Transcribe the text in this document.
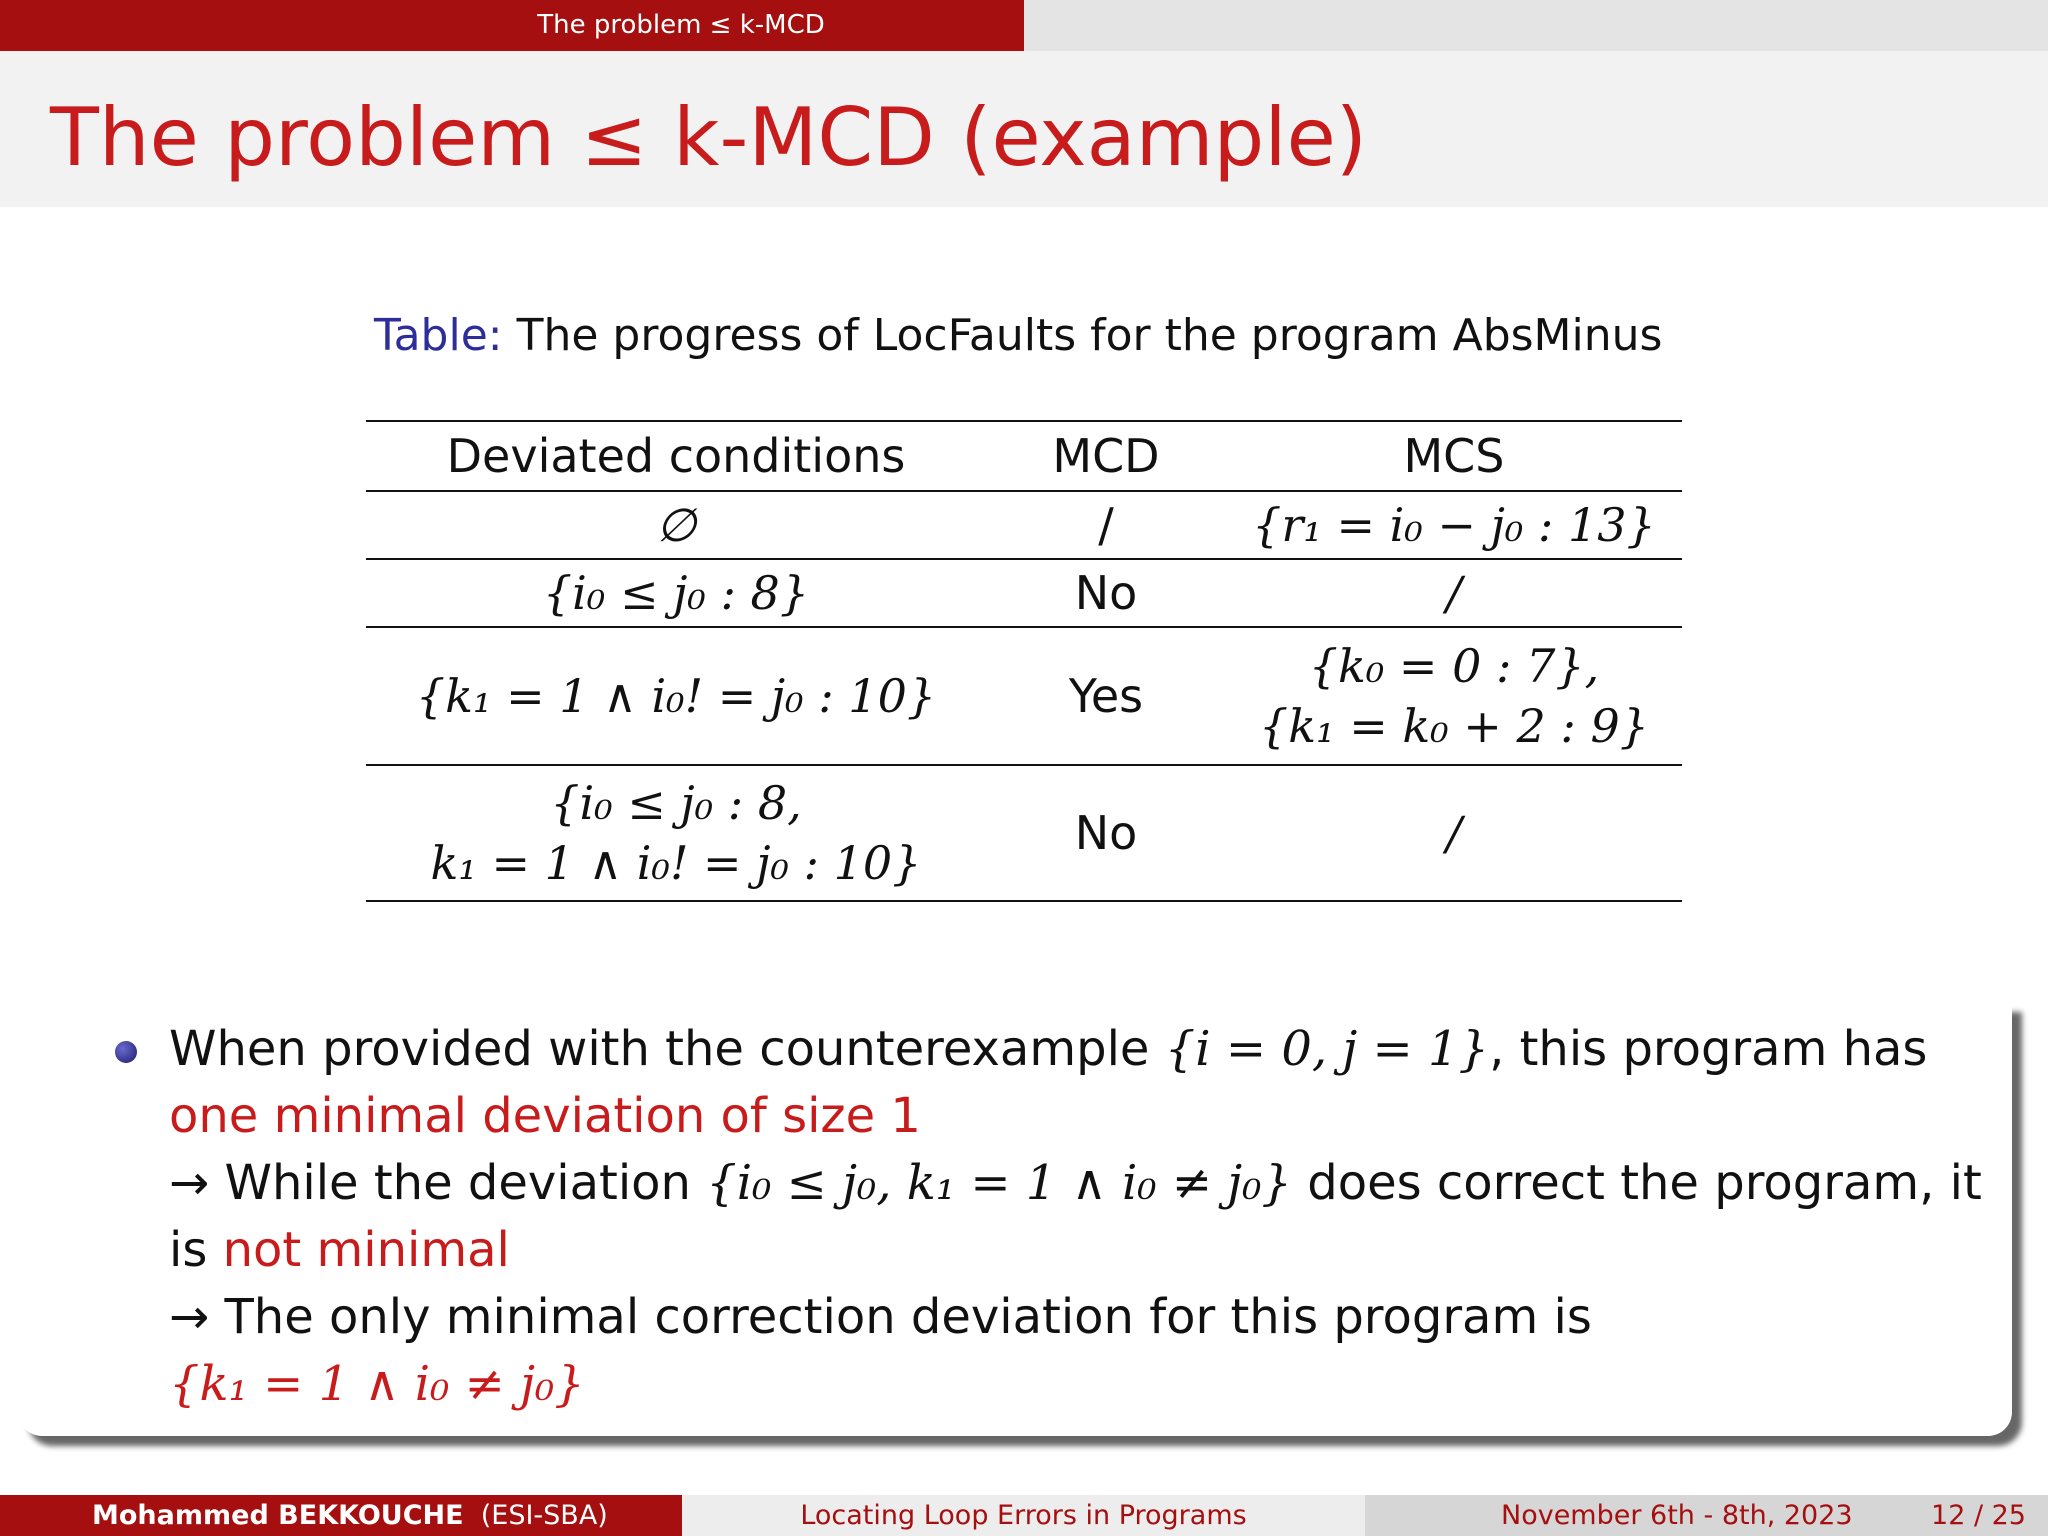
The problem ≤ k-MCD
The problem ≤ k-MCD (example)
Table: The progress of LocFaults for the program AbsMinus
Deviated conditions	MCD	MCS

∅	/	{r₁ = i₀ − j₀ : 13}

{i₀ ≤ j₀ : 8}	No	/

{k₁ = 1 ∧ i₀! = j₀ : 10}	Yes	{k₀ = 0 : 7},
{k₁ = k₀ + 2 : 9}

{i₀ ≤ j₀ : 8,
k₁ = 1 ∧ i₀! = j₀ : 10}	No	/
When provided with the counterexample {i = 0, j = 1}, this program has one minimal deviation of size 1
→ While the deviation {i₀ ≤ j₀, k₁ = 1 ∧ i₀ ≠ j₀} does correct the program, it is not minimal
→ The only minimal correction deviation for this program is
{k₁ = 1 ∧ i₀ ≠ j₀}
Mohammed BEKKOUCHE (ESI-SBA)	Locating Loop Errors in Programs	November 6th - 8th, 2023	12 / 25
